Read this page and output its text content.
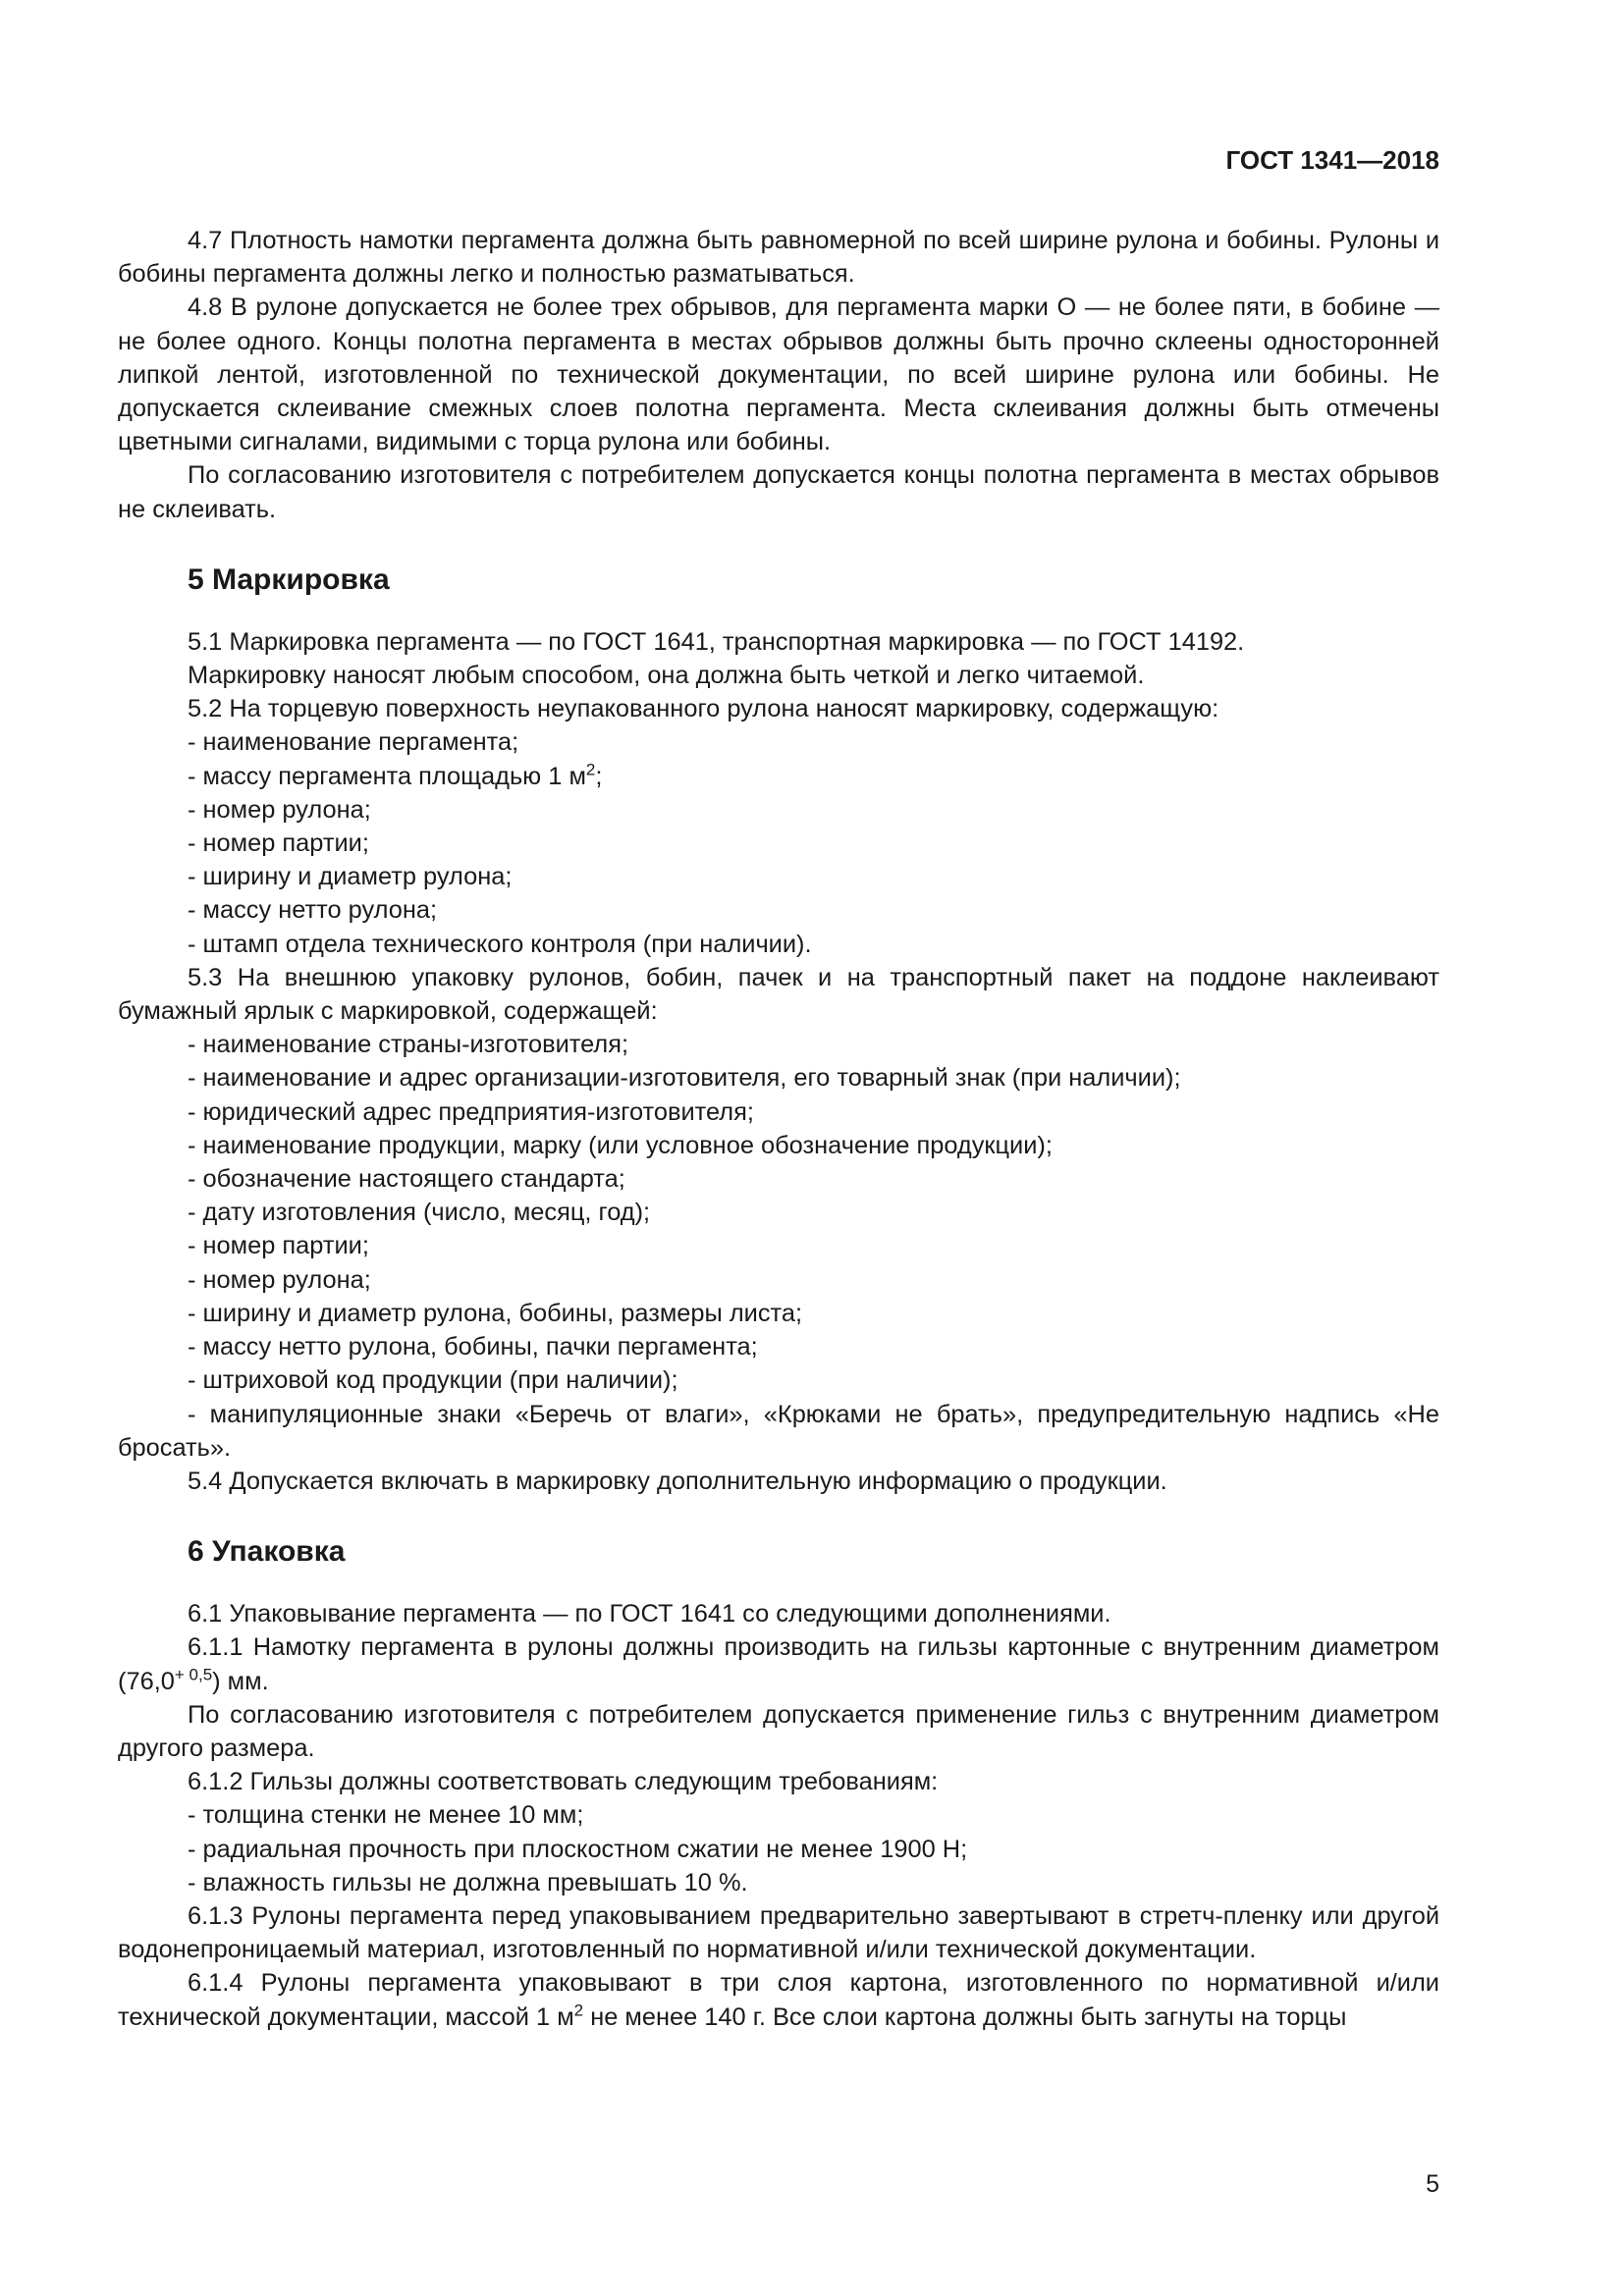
ГОСТ 1341—2018

4.7 Плотность намотки пергамента должна быть равномерной по всей ширине рулона и бобины. Рулоны и бобины пергамента должны легко и полностью разматываться.

4.8 В рулоне допускается не более трех обрывов, для пергамента марки О — не более пяти, в бобине — не более одного. Концы полотна пергамента в местах обрывов должны быть прочно склеены односторонней липкой лентой, изготовленной по технической документации, по всей ширине рулона или бобины. Не допускается склеивание смежных слоев полотна пергамента. Места склеивания должны быть отмечены цветными сигналами, видимыми с торца рулона или бобины.

По согласованию изготовителя с потребителем допускается концы полотна пергамента в местах обрывов не склеивать.

5 Маркировка

5.1 Маркировка пергамента — по ГОСТ 1641, транспортная маркировка — по ГОСТ 14192.

Маркировку наносят любым способом, она должна быть четкой и легко читаемой.

5.2 На торцевую поверхность неупакованного рулона наносят маркировку, содержащую:

- наименование пергамента;

- массу пергамента площадью 1 $м^2$;

- номер рулона;

- номер партии;

- ширину и диаметр рулона;

- массу нетто рулона;

- штамп отдела технического контроля (при наличии).

5.3 На внешнюю упаковку рулонов, бобин, пачек и на транспортный пакет на поддоне наклеивают бумажный ярлык с маркировкой, содержащей:

- наименование страны-изготовителя;

- наименование и адрес организации-изготовителя, его товарный знак (при наличии);

- юридический адрес предприятия-изготовителя;

- наименование продукции, марку (или условное обозначение продукции);

- обозначение настоящего стандарта;

- дату изготовления (число, месяц, год);

- номер партии;

- номер рулона;

- ширину и диаметр рулона, бобины, размеры листа;

- массу нетто рулона, бобины, пачки пергамента;

- штриховой код продукции (при наличии);

- манипуляционные знаки «Беречь от влаги», «Крюками не брать», предупредительную надпись «Не бросать».

5.4 Допускается включать в маркировку дополнительную информацию о продукции.

6 Упаковка

6.1 Упаковывание пергамента — по ГОСТ 1641 со следующими дополнениями.

6.1.1 Намотку пергамента в рулоны должны производить на гильзы картонные с внутренним диаметром $(76,0^{+ 0,5})$ мм.

По согласованию изготовителя с потребителем допускается применение гильз с внутренним диаметром другого размера.

6.1.2 Гильзы должны соответствовать следующим требованиям:

- толщина стенки не менее 10 мм;

- радиальная прочность при плоскостном сжатии не менее 1900 Н;

- влажность гильзы не должна превышать 10 %.

6.1.3 Рулоны пергамента перед упаковыванием предварительно завертывают в стретч-пленку или другой водонепроницаемый материал, изготовленный по нормативной и/или технической документации.

6.1.4 Рулоны пергамента упаковывают в три слоя картона, изготовленного по нормативной и/или технической документации, массой 1 $м^2$ не менее 140 г. Все слои картона должны быть загнуты на торцы

5
